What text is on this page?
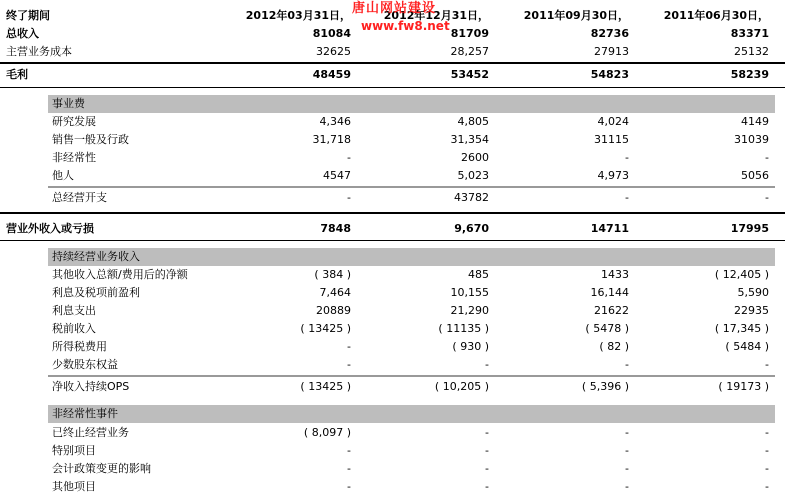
终了期间	2012年03月31日，	2012年12月31日，	2011年09月30日，	2011年06月30日，
总收入	81084	81709	82736	83371
主营业务成本	32625	28,257	27913	25132
毛利	48459	53452	54823	58239
事业费
研究发展	4,346	4,805	4,024	4149
销售一般及行政	31,718	31,354	31115	31039
非经常性	-	2600	-	-
他人	4547	5,023	4,973	5056
总经营开支	-	43782	-	-
营业外收入或亏损	7848	9,670	14711	17995
持续经营业务收入
其他收入总额/费用后的净额	( 384 )	485	1433	( 12,405 )
利息及税项前盈利	7,464	10,155	16,144	5,590
利息支出	20889	21,290	21622	22935
税前收入	( 13425 )	( 11135 )	( 5478 )	( 17,345 )
所得税费用	-	( 930 )	( 82 )	( 5484 )
少数股东权益	-	-	-	-
净收入持续OPS	( 13425 )	( 10,205 )	( 5,396 )	( 19173 )
非经常性事件
已终止经营业务	( 8,097 )	-	-	-
特别项目	-	-	-	-
会计政策变更的影响	-	-	-	-
其他项目	-	-	-	-
唐山网站建设
www.fw8.net
